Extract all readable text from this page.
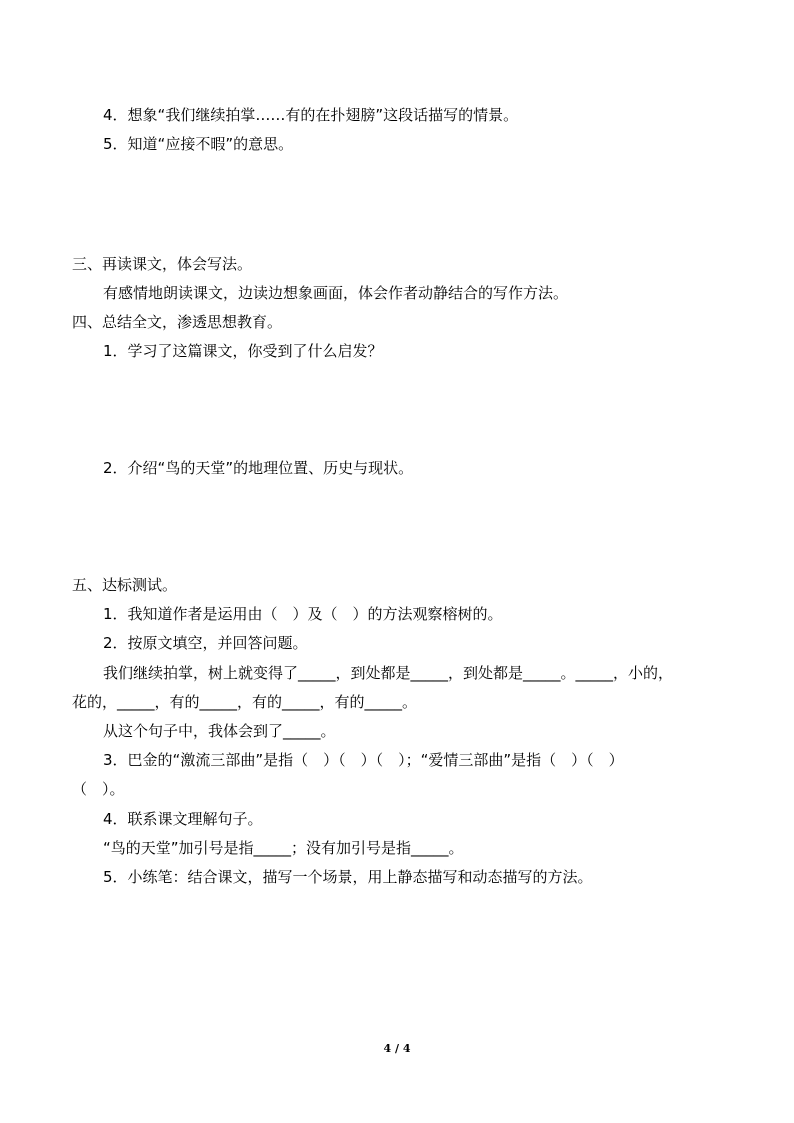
4．想象“我们继续拍掌……有的在扑翅膀”这段话描写的情景。
5．知道“应接不暇”的意思。
三、再读课文，体会写法。
有感情地朗读课文，边读边想象画面，体会作者动静结合的写作方法。
四、总结全文，渗透思想教育。
1．学习了这篇课文，你受到了什么启发？
2．介绍“鸟的天堂”的地理位置、历史与现状。
五、达标测试。
1．我知道作者是运用由（　）及（　）的方法观察榕树的。
2．按原文填空，并回答问题。
我们继续拍掌，树上就变得了_____，到处都是_____，到处都是_____。_____，小的，
花的，_____，有的_____，有的_____，有的_____。
从这个句子中，我体会到了_____。
3．巴金的“激流三部曲”是指（　）（　）（　）；“爱情三部曲”是指（　）（　）
（　）。
4．联系课文理解句子。
“鸟的天堂”加引号是指_____；没有加引号是指_____。
5．小练笔：结合课文，描写一个场景，用上静态描写和动态描写的方法。
4 / 4
